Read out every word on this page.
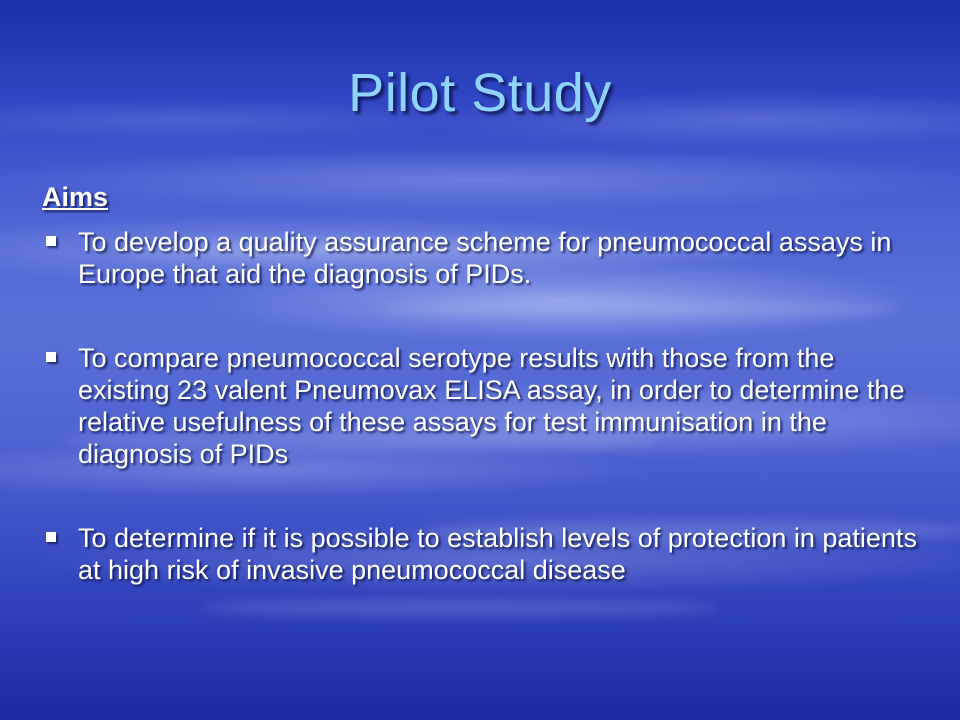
Pilot Study
Aims
To develop a quality assurance scheme for pneumococcal assays in Europe that aid the diagnosis of PIDs.
To compare pneumococcal serotype results with those from the existing 23 valent Pneumovax ELISA assay, in order to determine the relative usefulness of these assays for test immunisation in the diagnosis of PIDs
To determine if it is possible to establish levels of protection in patients at high risk of invasive pneumococcal disease
